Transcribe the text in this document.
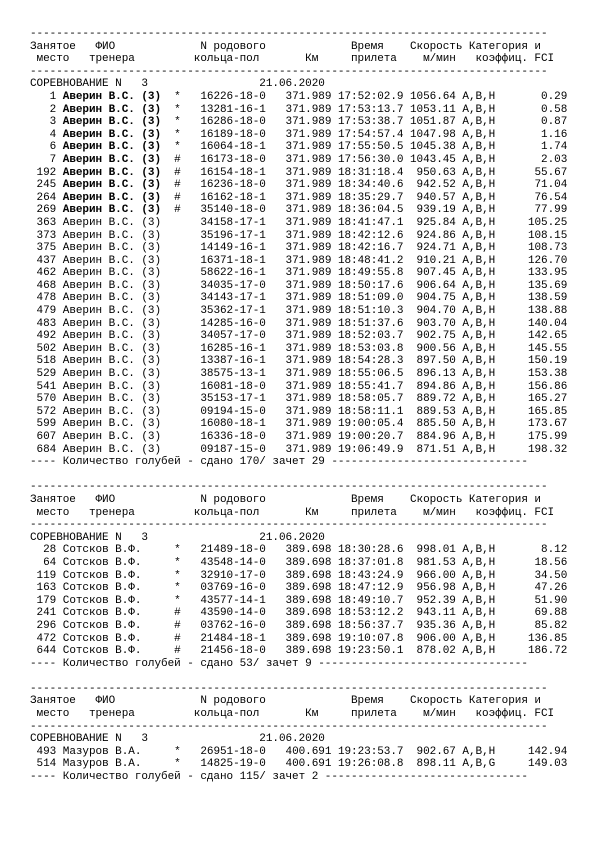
-------------------------------------------------------------------------------
Занятое   ФИО             N родового             Время    Скорость Категория и
место   тренера         кольца-пол       Км     прилета    м/мин   коэффиц. FCI
-------------------------------------------------------------------------------
СОРЕВНОВАНИЕ N   3	21.06.2020
1 Аверин В.С. (3)  *   16226-18-0   371.989 17:52:02.9 1056.64 A,B,H       0.29
2 Аверин В.С. (3)  *   13281-16-1   371.989 17:53:13.7 1053.11 A,B,H       0.58
3 Аверин В.С. (3)  *   16286-18-0   371.989 17:53:38.7 1051.87 A,B,H       0.87
4 Аверин В.С. (3)  *   16189-18-0   371.989 17:54:57.4 1047.98 A,B,H       1.16
6 Аверин В.С. (3)  *   16064-18-1   371.989 17:55:50.5 1045.38 A,B,H       1.74
7 Аверин В.С. (3)  #   16173-18-0   371.989 17:56:30.0 1043.45 A,B,H       2.03
192 Аверин В.С. (3)  #   16154-18-1   371.989 18:31:18.4  950.63 A,B,H      55.67
245 Аверин В.С. (3)  #   16236-18-0   371.989 18:34:40.6  942.52 A,B,H      71.04
264 Аверин В.С. (3)  #   16162-18-1   371.989 18:35:29.7  940.57 A,B,H      76.54
269 Аверин В.С. (3)  #   35140-18-0   371.989 18:36:04.5  939.19 A,B,H      77.99
363 Аверин В.С. (3)      34158-17-1   371.989 18:41:47.1  925.84 A,B,H     105.25
373 Аверин В.С. (3)      35196-17-1   371.989 18:42:12.6  924.86 A,B,H     108.15
375 Аверин В.С. (3)      14149-16-1   371.989 18:42:16.7  924.71 A,B,H     108.73
437 Аверин В.С. (3)      16371-18-1   371.989 18:48:41.2  910.21 A,B,H     126.70
462 Аверин В.С. (3)      58622-16-1   371.989 18:49:55.8  907.45 A,B,H     133.95
468 Аверин В.С. (3)      34035-17-0   371.989 18:50:17.6  906.64 A,B,H     135.69
478 Аверин В.С. (3)      34143-17-1   371.989 18:51:09.0  904.75 A,B,H     138.59
479 Аверин В.С. (3)      35362-17-1   371.989 18:51:10.3  904.70 A,B,H     138.88
483 Аверин В.С. (3)      14285-16-0   371.989 18:51:37.6  903.70 A,B,H     140.04
492 Аверин В.С. (3)      34057-17-0   371.989 18:52:03.7  902.75 A,B,H     142.65
502 Аверин В.С. (3)      16285-16-1   371.989 18:53:03.8  900.56 A,B,H     145.55
518 Аверин В.С. (3)      13387-16-1   371.989 18:54:28.3  897.50 A,B,H     150.19
529 Аверин В.С. (3)      38575-13-1   371.989 18:55:06.5  896.13 A,B,H     153.38
541 Аверин В.С. (3)      16081-18-0   371.989 18:55:41.7  894.86 A,B,H     156.86
570 Аверин В.С. (3)      35153-17-1   371.989 18:58:05.7  889.72 A,B,H     165.27
572 Аверин В.С. (3)      09194-15-0   371.989 18:58:11.1  889.53 A,B,H     165.85
599 Аверин В.С. (3)      16080-18-1   371.989 19:00:05.4  885.50 A,B,H     173.67
607 Аверин В.С. (3)      16336-18-0   371.989 19:00:20.7  884.96 A,B,H     175.99
684 Аверин В.С. (3)      09187-15-0   371.989 19:06:49.9  871.51 A,B,H     198.32
---- Количество голубей - сдано 170/ зачет 29 ------------------------------
-------------------------------------------------------------------------------
Занятое   ФИО             N родового             Время    Скорость Категория и
место   тренера         кольца-пол       Км     прилета    м/мин   коэффиц. FCI
-------------------------------------------------------------------------------
СОРЕВНОВАНИЕ N   3	21.06.2020
28 Сотсков В.Ф.     *   21489-18-0   389.698 18:30:28.6  998.01 A,B,H       8.12
64 Сотсков В.Ф.     *   43548-14-0   389.698 18:37:01.8  981.53 A,B,H      18.56
119 Сотсков В.Ф.     *   32910-17-0   389.698 18:43:24.9  966.00 A,B,H      34.50
163 Сотсков В.Ф.     *   03769-16-0   389.698 18:47:12.9  956.98 A,B,H      47.26
179 Сотсков В.Ф.     *   43577-14-1   389.698 18:49:10.7  952.39 A,B,H      51.90
241 Сотсков В.Ф.     #   43590-14-0   389.698 18:53:12.2  943.11 A,B,H      69.88
296 Сотсков В.Ф.     #   03762-16-0   389.698 18:56:37.7  935.36 A,B,H      85.82
472 Сотсков В.Ф.     #   21484-18-1   389.698 19:10:07.8  906.00 A,B,H     136.85
644 Сотсков В.Ф.     #   21456-18-0   389.698 19:23:50.1  878.02 A,B,H     186.72
---- Количество голубей - сдано 53/ зачет 9 --------------------------------
-------------------------------------------------------------------------------
Занятое   ФИО             N родового             Время    Скорость Категория и
место   тренера         кольца-пол       Км     прилета    м/мин   коэффиц. FCI
-------------------------------------------------------------------------------
СОРЕВНОВАНИЕ N   3	21.06.2020
493 Мазуров В.А.     *   26951-18-0   400.691 19:23:53.7  902.67 A,B,H     142.94
514 Мазуров В.А.     *   14825-19-0   400.691 19:26:08.8  898.11 A,B,G     149.03
---- Количество голубей - сдано 115/ зачет 2 -------------------------------
